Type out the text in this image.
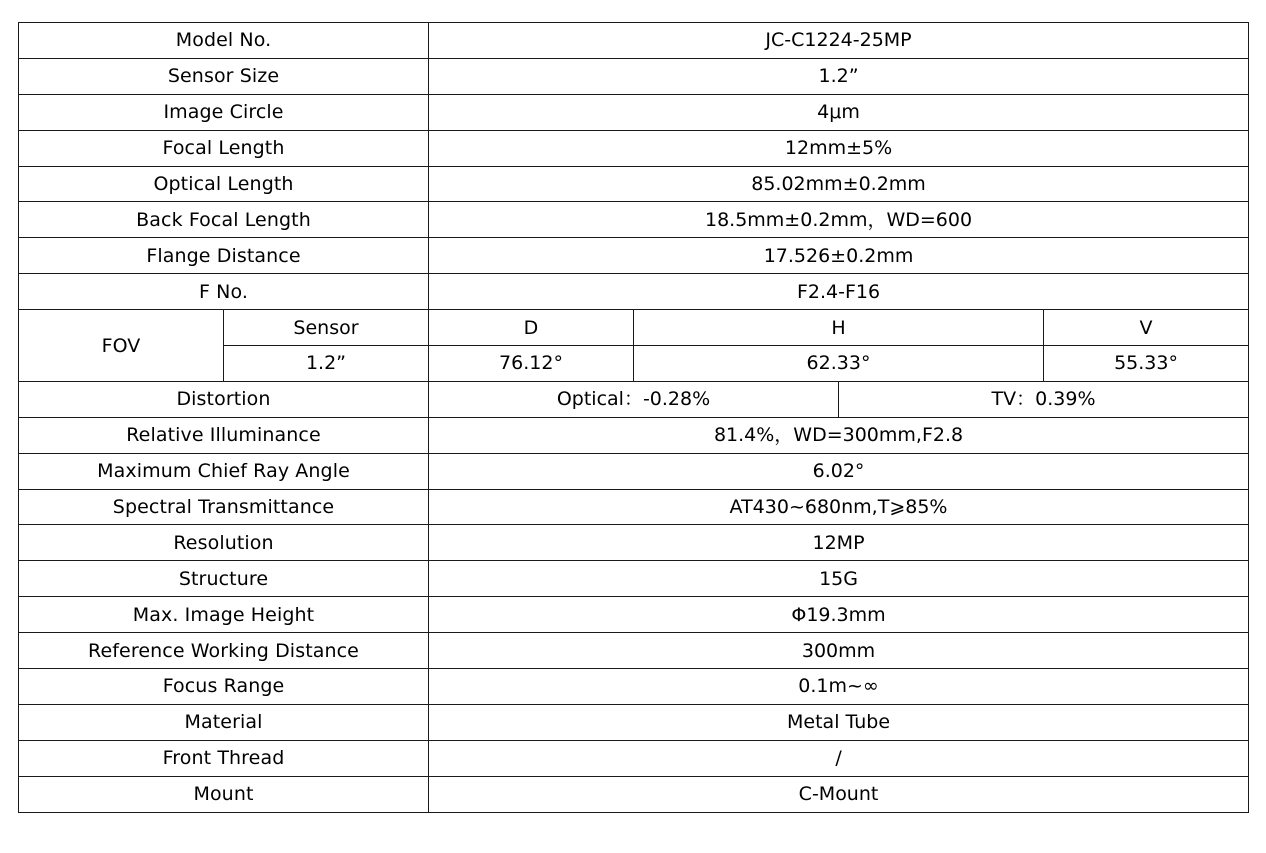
Model No.		JC-C1224-25MP			
Sensor Size		1.2”			
Image Circle		4μm			
Focal Length		12mm±5%			
Optical Length		85.02mm±0.2mm			
Back Focal Length		18.5mm±0.2mm，WD=600			
Flange Distance		17.526±0.2mm			
F No.		F2.4-F16			
FOV	Sensor	D	H		V
	1.2”	76.12°	62.33°		55.33°
Distortion		Optical：-0.28%		TV：0.39%	
Relative Illuminance		81.4%，WD=300mm,F2.8			
Maximum Chief Ray Angle		6.02°			
Spectral Transmittance		AT430~680nm,T⩾85%			
Resolution		12MP			
Structure		15G			
Max. Image Height		Φ19.3mm			
Reference Working Distance		300mm			
Focus Range		0.1m~∞			
Material		Metal Tube			
Front Thread		/			
Mount		C-Mount			
